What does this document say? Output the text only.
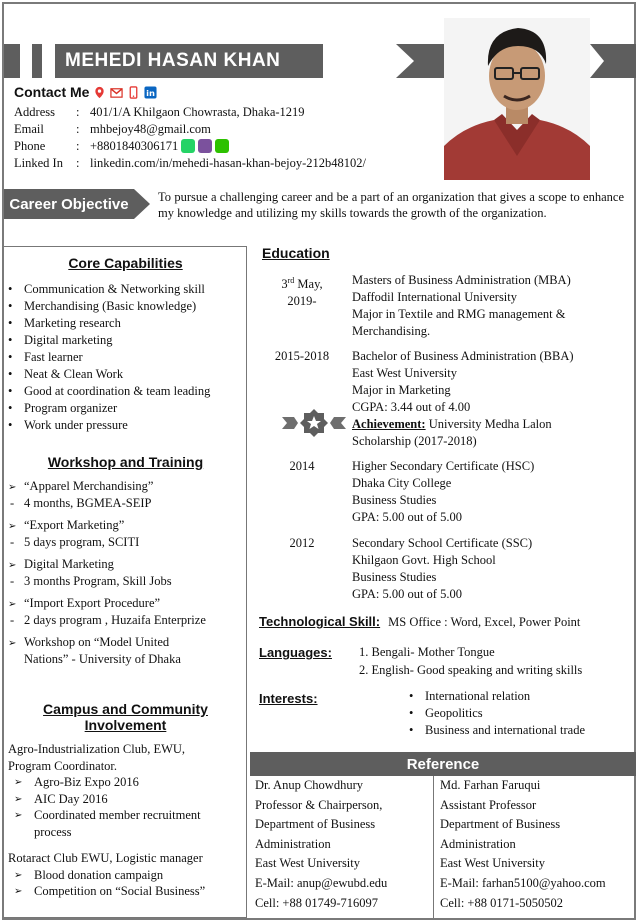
MEHEDI HASAN KHAN
Contact Me	in
Address	: 401/1/A Khilgaon Chowrasta, Dhaka-1219
Email	: mhbejoy48@gmail.com
Phone	: +8801840306171
Linked In	: linkedin.com/in/mehedi-hasan-khan-bejoy-212b48102/
Career Objective To pursue a challenging career and be a part of an organization that gives a scope to enhance my knowledge and utilizing my skills towards the growth of the organization.
Core Capabilities
• Communication & Networking skill
• Merchandising (Basic knowledge)
• Marketing research
• Digital marketing
• Fast learner
• Neat & Clean Work
• Good at coordination & team leading
• Program organizer
• Work under pressure
Workshop and Training
➢ “Apparel Merchandising”
- 4 months, BGMEA-SEIP
➢ “Export Marketing”
- 5 days program, SCITI
➢ Digital Marketing
- 3 months Program, Skill Jobs
➢ “Import Export Procedure”
- 2 days program , Huzaifa Enterprize
➢ Workshop on “Model United
Nations” - University of Dhaka
Campus and Community Involvement
Agro-Industrialization Club, EWU,
Program Coordinator.
➢ Agro-Biz Expo 2016
➢ AIC Day 2016
➢ Coordinated member recruitment
process
Rotaract Club EWU, Logistic manager
➢ Blood donation campaign
➢ Competition on “Social Business”
Education
3rd May,
2019-
Masters of Business Administration (MBA)
Daffodil International University
Major in Textile and RMG management &
Merchandising.
2015-2018	Bachelor of Business Administration (BBA)
East West University
Major in Marketing
CGPA: 3.44 out of 4.00
Achievement: University Medha Lalon
Scholarship (2017-2018)
2014	Higher Secondary Certificate (HSC)
Dhaka City College
Business Studies
GPA: 5.00 out of 5.00
2012	Secondary School Certificate (SSC)
Khilgaon Govt. High School
Business Studies
GPA: 5.00 out of 5.00
Technological Skill: MS Office : Word, Excel, Power Point
Languages: 1. Bengali- Mother Tongue
2. English- Good speaking and writing skills
Interests:
•	International relation
• Geopolitics
• Business and international trade
Reference
Dr. Anup Chowdhury
Professor & Chairperson,
Department of Business
Administration
East West University
E-Mail: anup@ewubd.edu
Cell: +88 01749-716097
Md. Farhan Faruqui
Assistant Professor
Department of Business
Administration
East West University
E-Mail: farhan5100@yahoo.com
Cell: +88 0171-5050502
